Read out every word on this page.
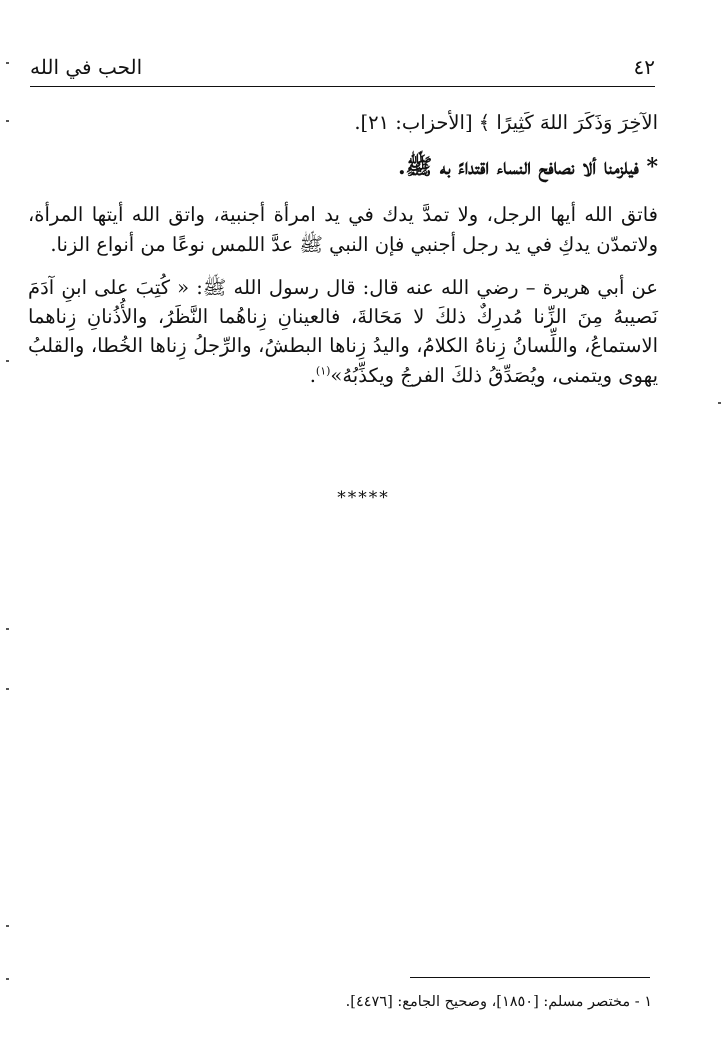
٤٢
الحب في الله

الآخِرَ وَذَكَرَ اللهَ كَثِيرًا ﴾ [الأحزاب: ٢١].

* فيلزمنا ألا نصافح النساء اقتداءً به ﷺ.

فاتق الله أيها الرجل، ولا تمدَّ يدك في يد امرأة أجنبية، واتق الله أيتها المرأة، ولاتمدّن يدكِ في يد رجل أجنبي فإن النبي ﷺ عدَّ اللمس نوعًا من أنواع الزنا.

عن أبي هريرة – رضي الله عنه قال: قال رسول الله ﷺ: « كُتِبَ على ابنِ آدَمَ نَصيبهُ مِنَ الزِّنا مُدرِكٌ ذلكَ لا مَحَالةَ، فالعينانِ زِناهُما النَّظَرُ، والأُذُنانِ زِناهما الاستماعُ، واللِّسانُ زِناهُ الكلامُ، واليدُ زِناها البطشُ، والرِّجلُ زِناها الخُطا، والقلبُ يهوى ويتمنى، ويُصَدِّقُ ذلكَ الفرجُ ويكذِّبُهُ»$^{(١)}$.

*****
١ - مختصر مسلم: [١٨٥٠]، وصحيح الجامع: [٤٤٧٦].
